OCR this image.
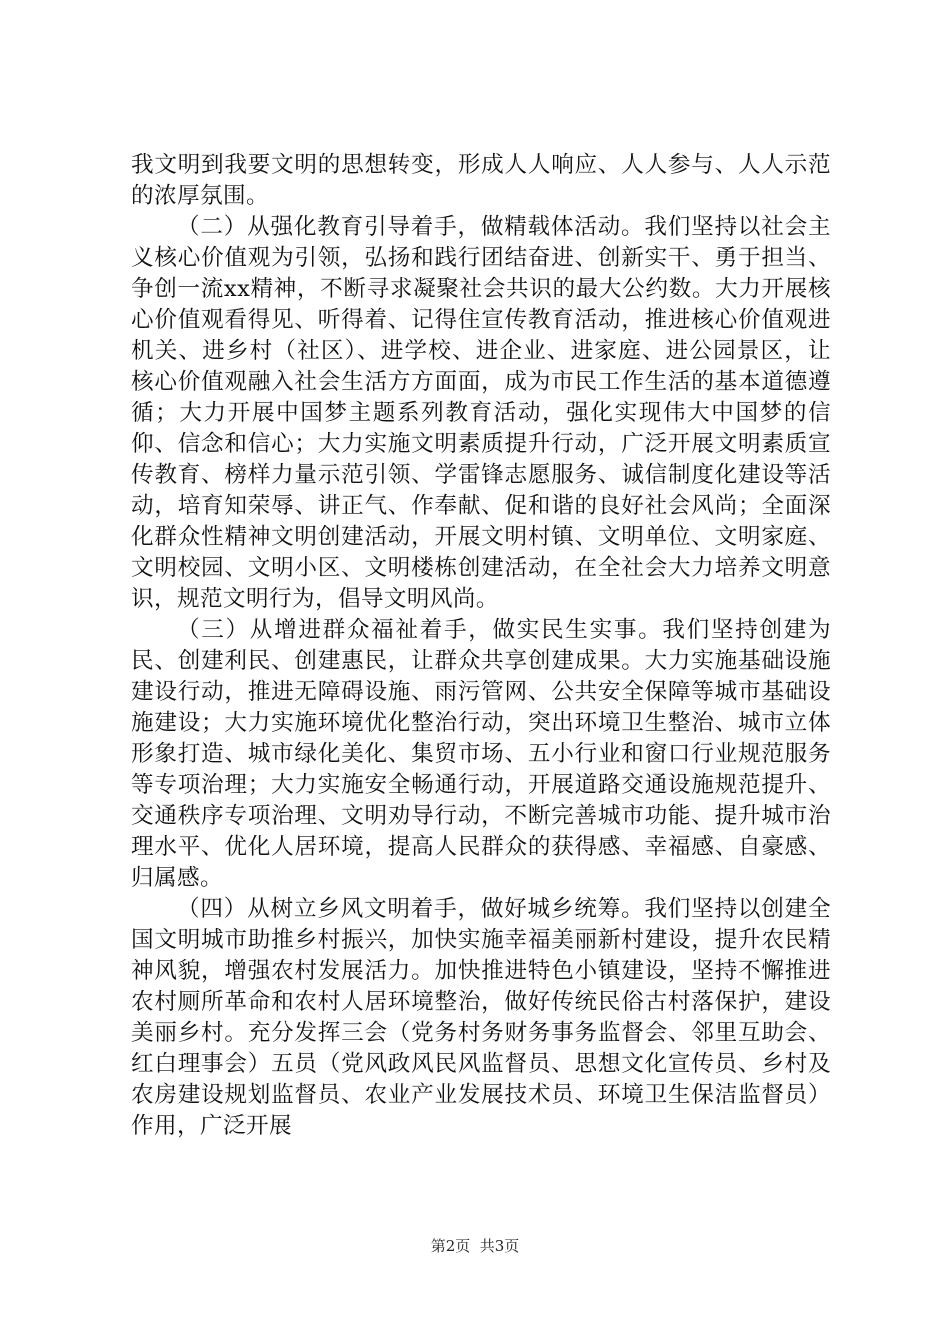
我文明到我要文明的思想转变，形成人人响应、人人参与、人人示范的浓厚氛围。

（二）从强化教育引导着手，做精载体活动。我们坚持以社会主义核心价值观为引领，弘扬和践行团结奋进、创新实干、勇于担当、争创一流xx精神，不断寻求凝聚社会共识的最大公约数。大力开展核心价值观看得见、听得着、记得住宣传教育活动，推进核心价值观进机关、进乡村（社区）、进学校、进企业、进家庭、进公园景区，让核心价值观融入社会生活方方面面，成为市民工作生活的基本道德遵循；大力开展中国梦主题系列教育活动，强化实现伟大中国梦的信仰、信念和信心；大力实施文明素质提升行动，广泛开展文明素质宣传教育、榜样力量示范引领、学雷锋志愿服务、诚信制度化建设等活动，培育知荣辱、讲正气、作奉献、促和谐的良好社会风尚；全面深化群众性精神文明创建活动，开展文明村镇、文明单位、文明家庭、文明校园、文明小区、文明楼栋创建活动，在全社会大力培养文明意识，规范文明行为，倡导文明风尚。

（三）从增进群众福祉着手，做实民生实事。我们坚持创建为民、创建利民、创建惠民，让群众共享创建成果。大力实施基础设施建设行动，推进无障碍设施、雨污管网、公共安全保障等城市基础设施建设；大力实施环境优化整治行动，突出环境卫生整治、城市立体形象打造、城市绿化美化、集贸市场、五小行业和窗口行业规范服务等专项治理；大力实施安全畅通行动，开展道路交通设施规范提升、交通秩序专项治理、文明劝导行动，不断完善城市功能、提升城市治理水平、优化人居环境，提高人民群众的获得感、幸福感、自豪感、归属感。

（四）从树立乡风文明着手，做好城乡统筹。我们坚持以创建全国文明城市助推乡村振兴，加快实施幸福美丽新村建设，提升农民精神风貌，增强农村发展活力。加快推进特色小镇建设，坚持不懈推进农村厕所革命和农村人居环境整治，做好传统民俗古村落保护，建设美丽乡村。充分发挥三会（党务村务财务事务监督会、邻里互助会、红白理事会）五员（党风政风民风监督员、思想文化宣传员、乡村及农房建设规划监督员、农业产业发展技术员、环境卫生保洁监督员）作用，广泛开展

第2页  共3页
